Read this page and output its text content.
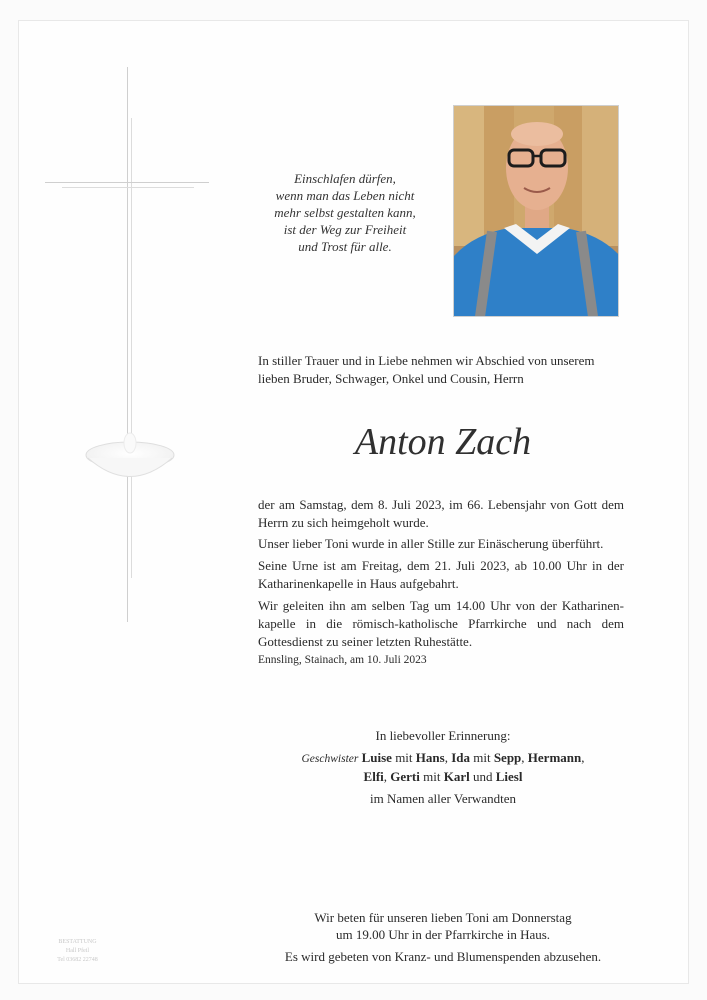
Einschlafen dürfen,
wenn man das Leben nicht
mehr selbst gestalten kann,
ist der Weg zur Freiheit
und Trost für alle.
In stiller Trauer und in Liebe nehmen wir Abschied von unserem
lieben Bruder, Schwager, Onkel und Cousin, Herrn
Anton Zach
der am Samstag, dem 8. Juli 2023, im 66. Lebensjahr von Gott dem Herrn zu sich heimgeholt wurde.
Unser lieber Toni wurde in aller Stille zur Einäscherung überführt.
Seine Urne ist am Freitag, dem 21. Juli 2023, ab 10.00 Uhr in der Katharinenkapelle in Haus aufgebahrt.
Wir geleiten ihn am selben Tag um 14.00 Uhr von der Katharinenkapelle in die römisch-katholische Pfarrkirche und nach dem Gottesdienst zu seiner letzten Ruhestätte.
Ennsling, Stainach, am 10. Juli 2023
In liebevoller Erinnerung:
Geschwister Luise mit Hans, Ida mit Sepp, Hermann,
Elfi, Gerti mit Karl und Liesl
im Namen aller Verwandten
Wir beten für unseren lieben Toni am Donnerstag
um 19.00 Uhr in der Pfarrkirche in Haus.
Es wird gebeten von Kranz- und Blumenspenden abzusehen.
BESTATTUNG
Hall Pfeil
Tel 03682 22748
